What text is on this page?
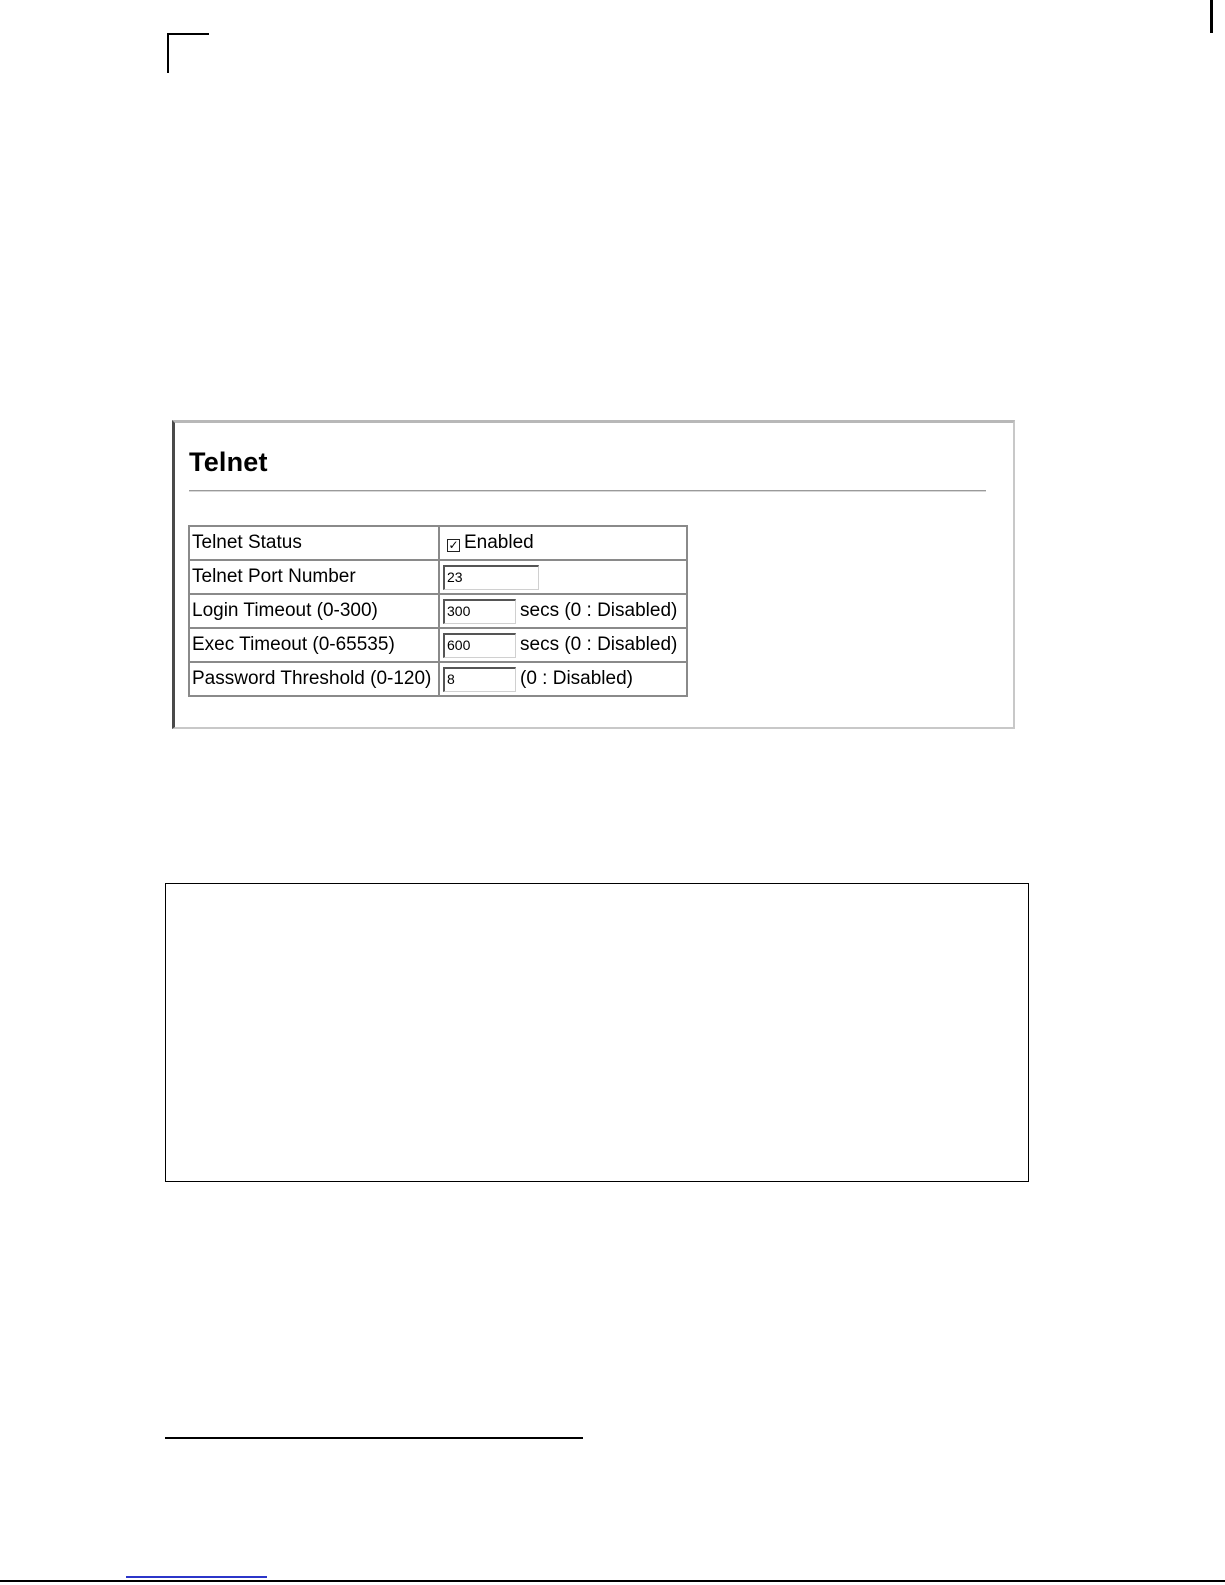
Telnet
Telnet Status	✓ Enabled
Telnet Port Number	23
Login Timeout (0-300)	300 secs (0 : Disabled)
Exec Timeout (0-65535)	600 secs (0 : Disabled)
Password Threshold (0-120)	8 (0 : Disabled)
